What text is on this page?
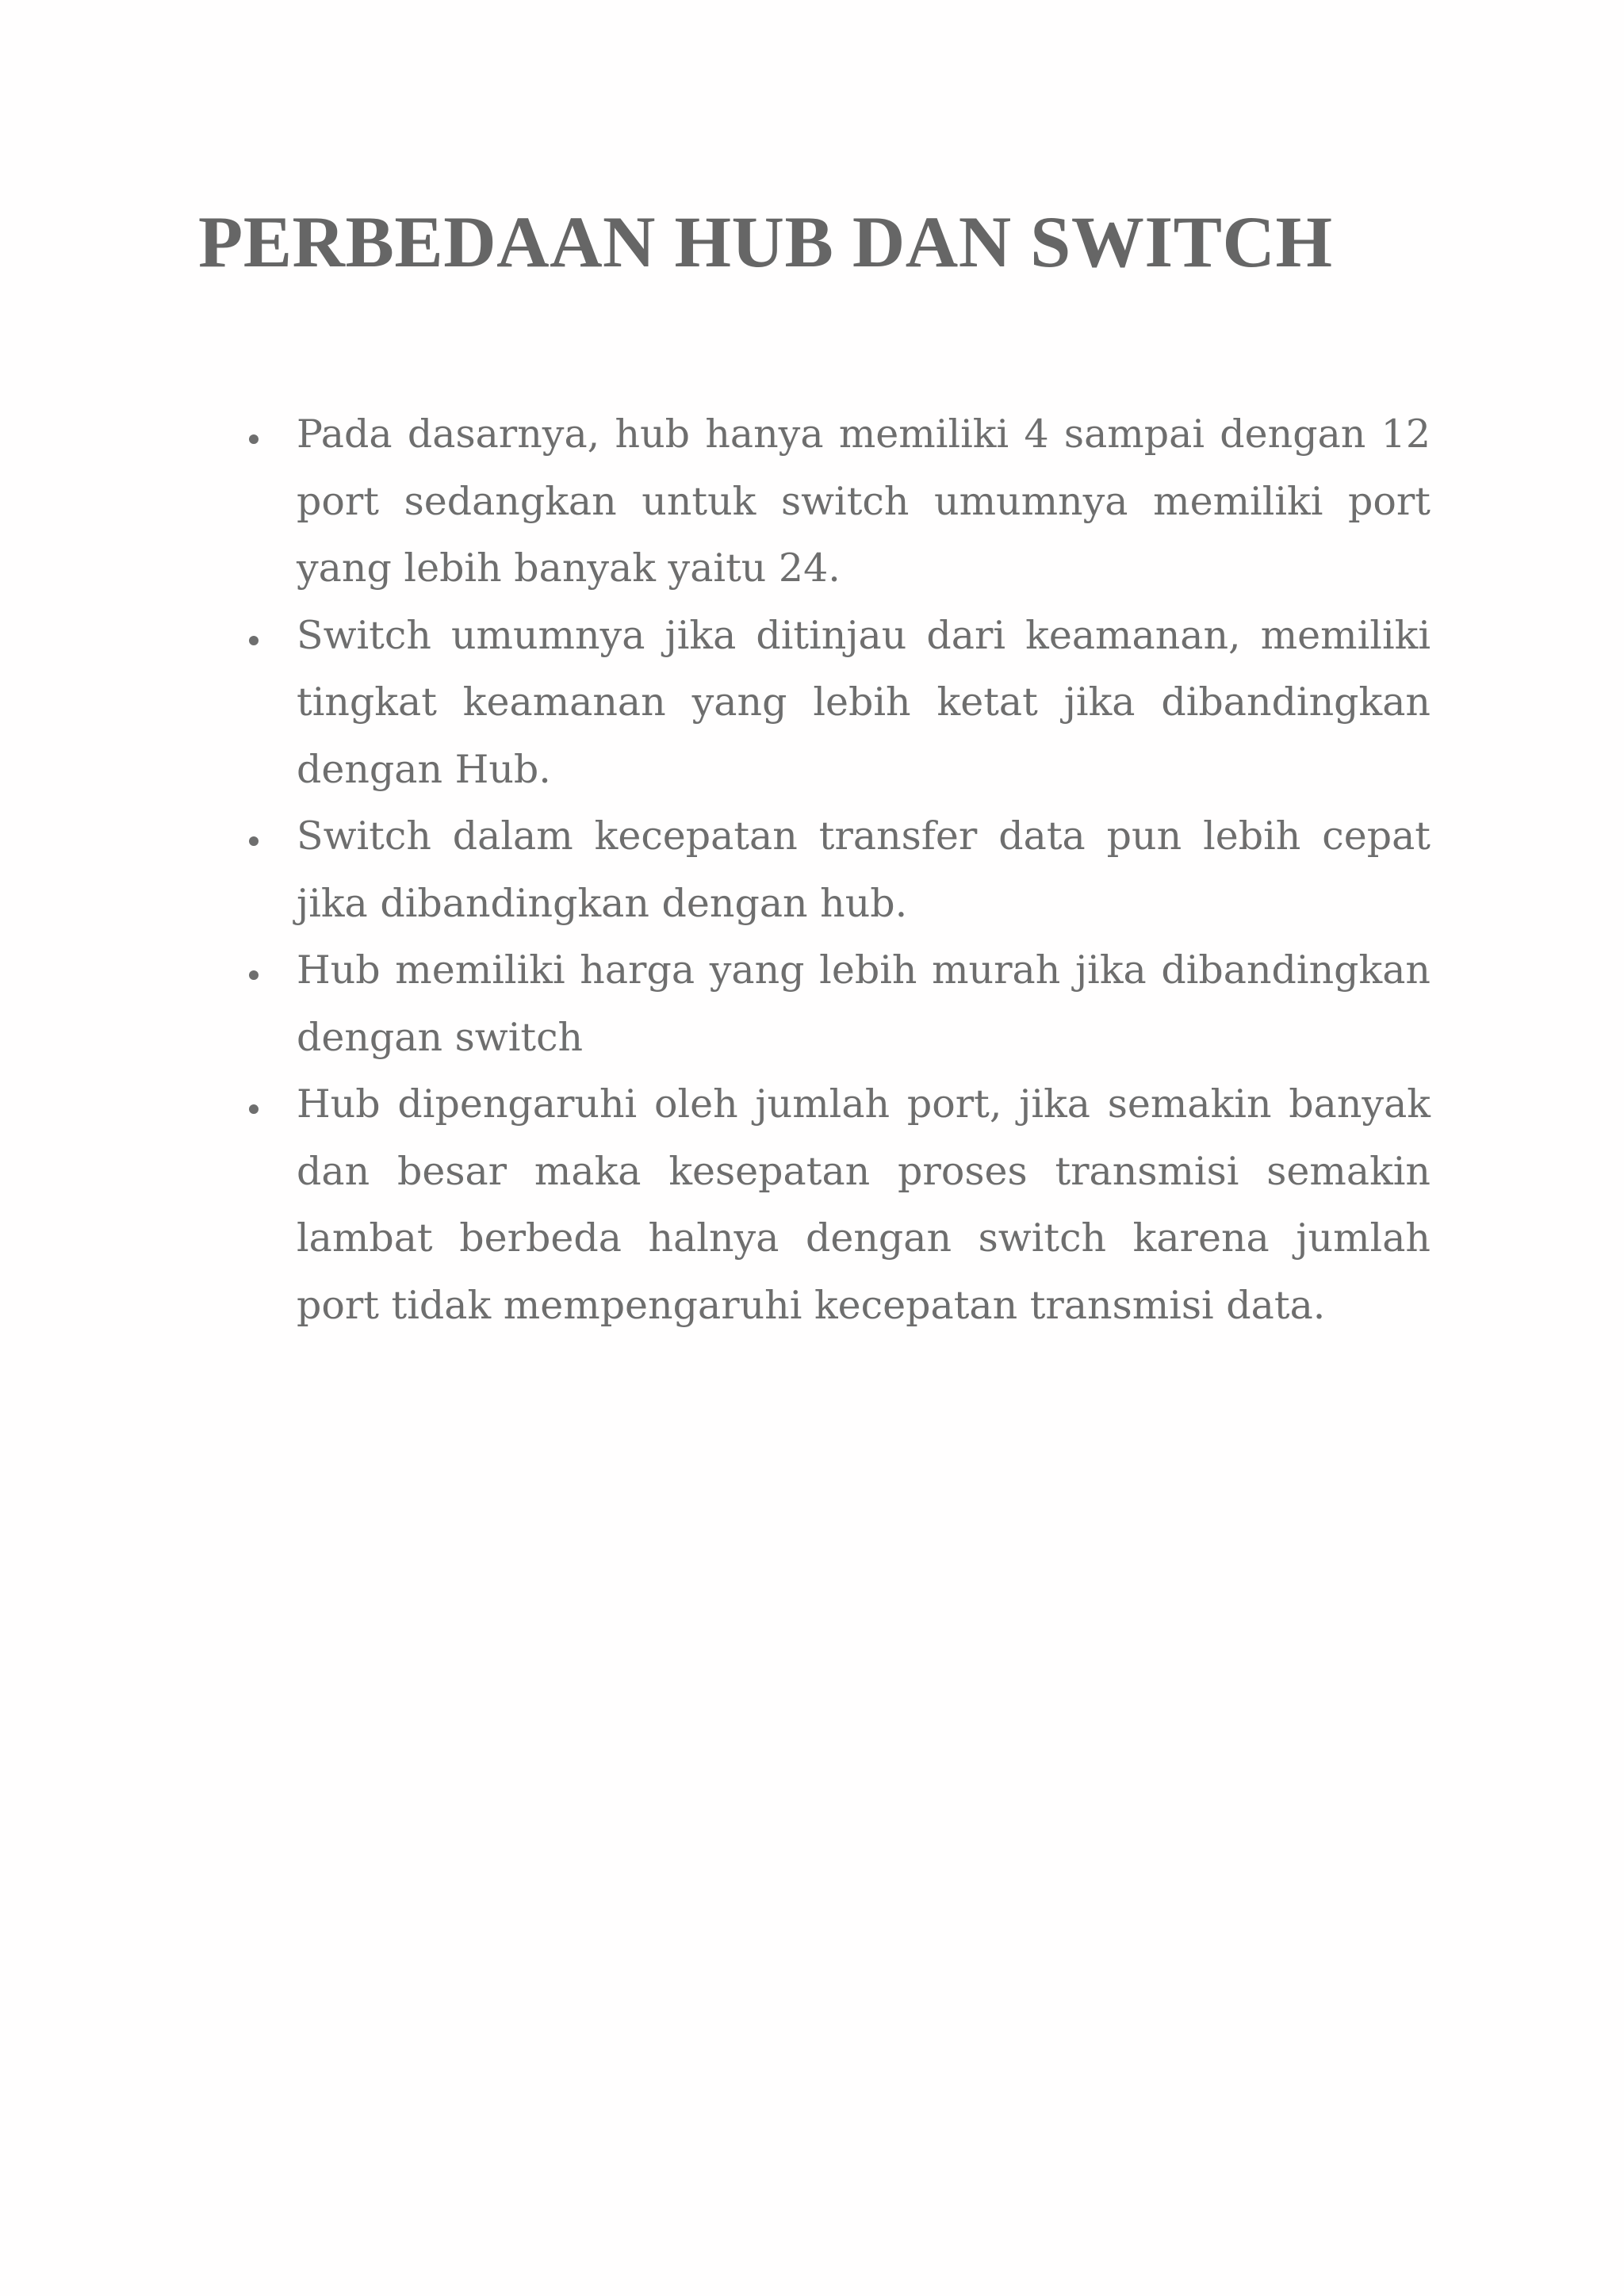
PERBEDAAN HUB DAN SWITCH
Pada dasarnya, hub hanya memiliki 4 sampai dengan 12 port sedangkan untuk switch umumnya memiliki port yang lebih banyak yaitu 24.
Switch umumnya jika ditinjau dari keamanan, memiliki tingkat keamanan yang lebih ketat jika dibandingkan dengan Hub.
Switch dalam kecepatan transfer data pun lebih cepat jika dibandingkan dengan hub.
Hub memiliki harga yang lebih murah jika dibandingkan dengan switch
Hub dipengaruhi oleh jumlah port, jika semakin banyak dan besar maka kesepatan proses transmisi semakin lambat berbeda halnya dengan switch karena jumlah port tidak mempengaruhi kecepatan transmisi data.
